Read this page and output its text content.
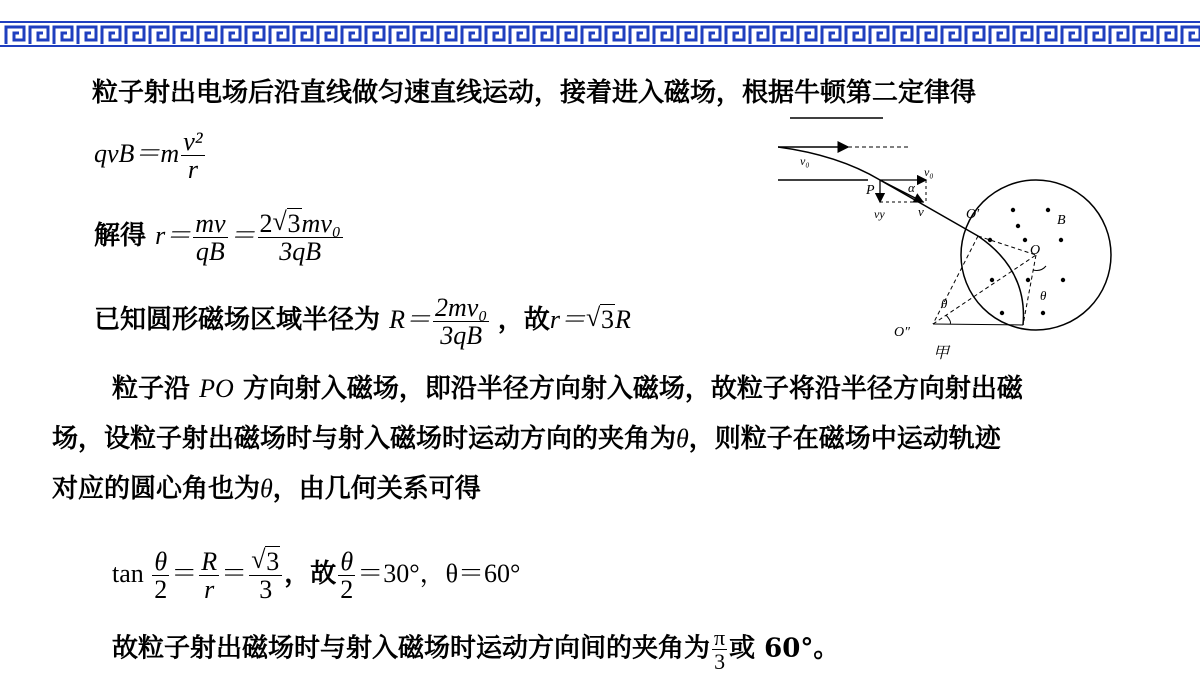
粒子射出电场后沿直线做匀速直线运动，接着进入磁场，根据牛顿第二定律得
$qvB=m \frac{\text{v²}}{r}$
解得 $r= \frac{mv}{qB} = \frac{\text{2 √ 3mv₀}}{3qB}$
已知圆形磁场区域半径为 $R= \frac{\text{2mv₀}}{3qB}$ ，故r＝ √ 3R
粒子沿 PO 方向射入磁场，即沿半径方向射入磁场，故粒子将沿半径方向射出磁
场，设粒子射出磁场时与射入磁场时运动方向的夹角为θ，则粒子在磁场中运动轨迹
对应的圆心角也为θ，由几何关系可得
$\tan \frac{\theta}{2} = \frac{R}{r}$ ＝ √ $\frac{3}{3}$ ，故 $\frac{\theta}{2} =30^\circ$，θ＝60°
故粒子射出磁场时与射入磁场时运动方向间的夹角为 $\frac{\pi}{3}$ 或 60°。
v₀
P	α
v₀
vy	v	O′	B
O
θ
θ
O″
甲
